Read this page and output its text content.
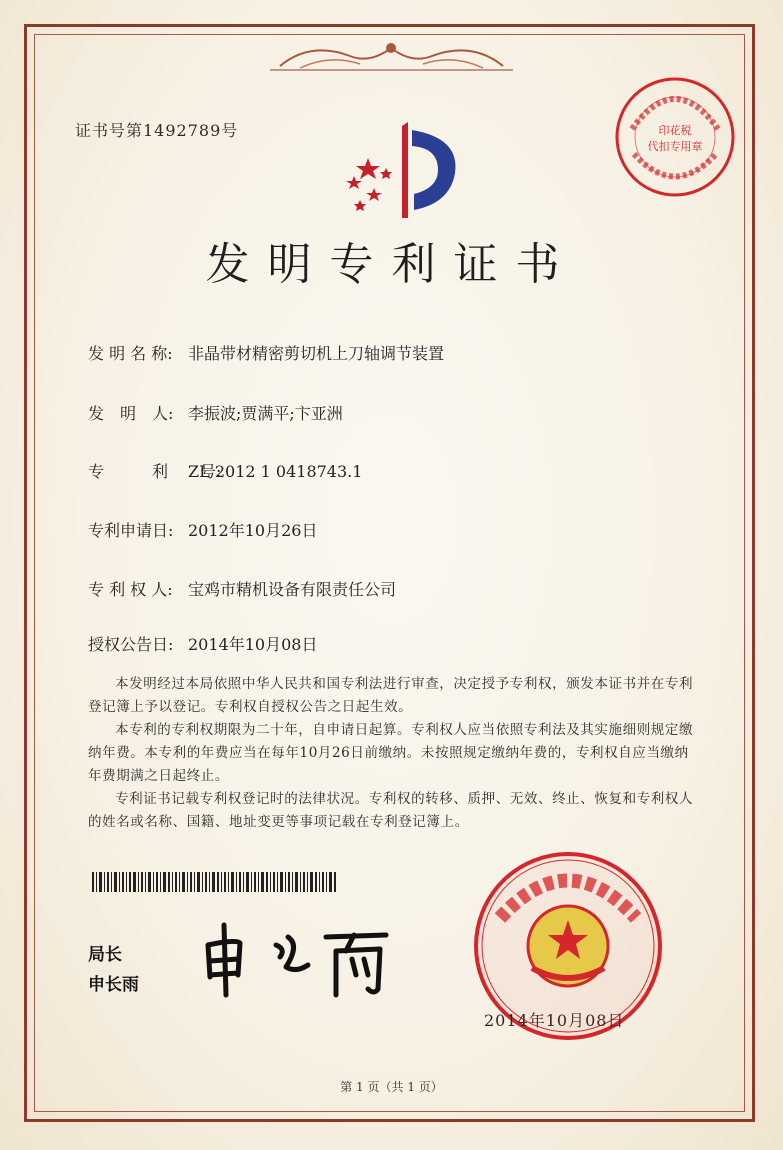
证书号第1492789号	印花税
代扣专用章
发明专利证书
发 明 名 称: 非晶带材精密剪切机上刀轴调节装置
发　明　人: 李振波;贾满平;卞亚洲
专　　　利　　号:ZL 2012 1 0418743.1
专利申请日: 2012年10月26日
专 利 权 人: 宝鸡市精机设备有限责任公司
授权公告日: 2014年10月08日
本发明经过本局依照中华人民共和国专利法进行审查，决定授予专利权，颁发本证书并在专利登记簿上予以登记。专利权自授权公告之日起生效。
本专利的专利权期限为二十年，自申请日起算。专利权人应当依照专利法及其实施细则规定缴纳年费。本专利的年费应当在每年10月26日前缴纳。未按照规定缴纳年费的，专利权自应当缴纳年费期满之日起终止。
专利证书记载专利权登记时的法律状况。专利权的转移、质押、无效、终止、恢复和专利权人的姓名或名称、国籍、地址变更等事项记载在专利登记簿上。
局长
申长雨
2014年10月08日
第 1 页（共 1 页）
